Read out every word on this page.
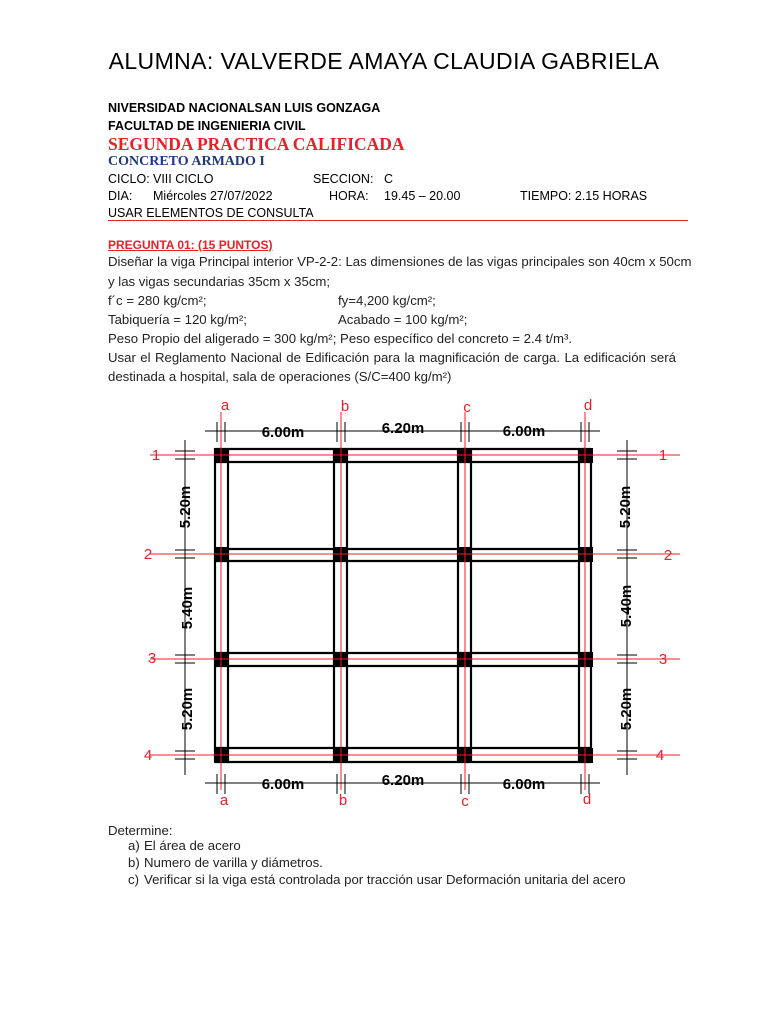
ALUMNA: VALVERDE AMAYA CLAUDIA GABRIELA
NIVERSIDAD NACIONALSAN LUIS GONZAGA
FACULTAD DE INGENIERIA CIVIL
SEGUNDA PRACTICA CALIFICADA
CONCRETO ARMADO I
CICLO: VIII CICLO	SECCION: C
DIA: Miércoles 27/07/2022	HORA: 19.45 – 20.00	TIEMPO: 2.15 HORAS
USAR ELEMENTOS DE CONSULTA
PREGUNTA 01: (15 PUNTOS)
Diseñar la viga Principal interior VP-2-2: Las dimensiones de las vigas principales son 40cm x 50cm
y las vigas secundarias 35cm x 35cm;
f´c = 280 kg/cm²;	fy=4,200 kg/cm²;
Tabiquería = 120 kg/m²;	Acabado = 100 kg/m²;
Peso Propio del aligerado = 300 kg/m²; Peso específico del concreto = 2.4 t/m³.
Usar el Reglamento Nacional de Edificación para la magnificación de carga. La edificación será
destinada a hospital, sala de operaciones (S/C=400 kg/m²)
a	b	c	d
a	b	c	d
1
2
3
4
1
2
3
4
6.00m	6.20m	6.00m
6.00m	6.20m	6.00m
5.20m
5.40m
5.20m
5.20m
5.40m
5.20m
Determine:
a) El área de acero
b) Numero de varilla y diámetros.
c) Verificar si la viga está controlada por tracción usar Deformación unitaria del acero
